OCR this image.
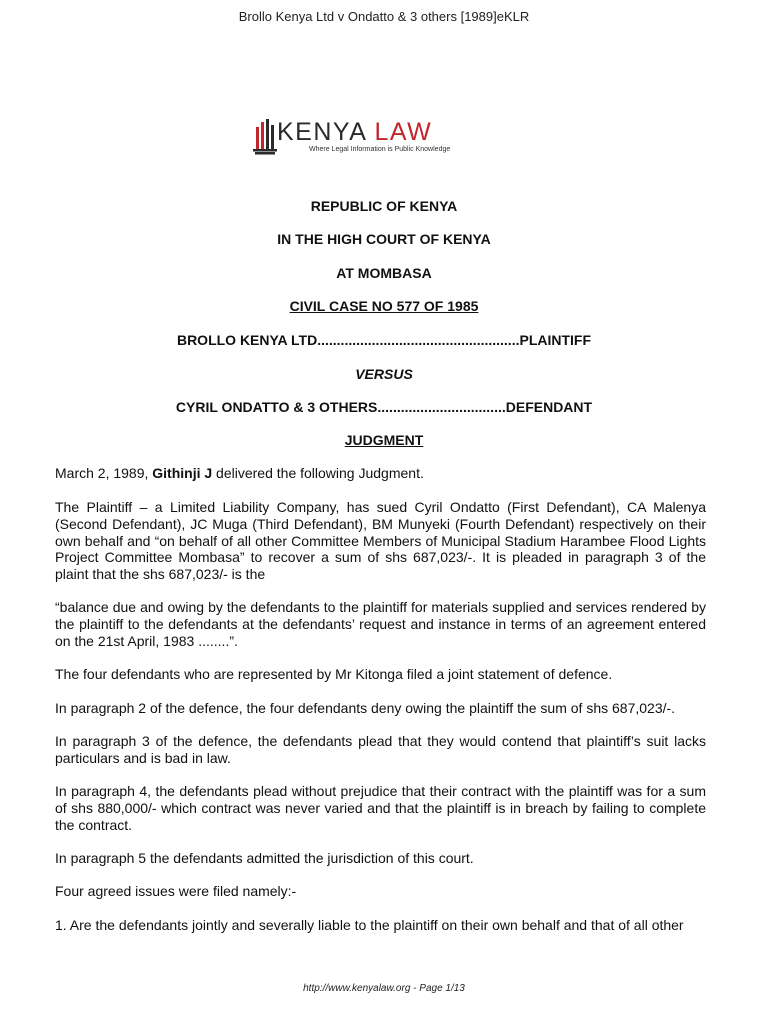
Brollo Kenya Ltd v Ondatto & 3 others [1989]eKLR
KENYA LAW
Where Legal Information is Public Knowledge
REPUBLIC OF KENYA
IN THE HIGH COURT OF KENYA
AT MOMBASA
CIVIL CASE NO 577 OF 1985
BROLLO KENYA LTD....................................................PLAINTIFF
VERSUS
CYRIL ONDATTO & 3 OTHERS.................................DEFENDANT
JUDGMENT

March 2, 1989, Githinji J delivered the following Judgment.

The Plaintiff – a Limited Liability Company, has sued Cyril Ondatto (First Defendant), CA Malenya (Second Defendant), JC Muga (Third Defendant), BM Munyeki (Fourth Defendant) respectively on their own behalf and “on behalf of all other Committee Members of Municipal Stadium Harambee Flood Lights Project Committee Mombasa” to recover a sum of shs 687,023/-. It is pleaded in paragraph 3 of the plaint that the shs 687,023/- is the

“balance due and owing by the defendants to the plaintiff for materials supplied and services rendered by the plaintiff to the defendants at the defendants’ request and instance in terms of an agreement entered on the 21st April, 1983 ........”.

The four defendants who are represented by Mr Kitonga filed a joint statement of defence.

In paragraph 2 of the defence, the four defendants deny owing the plaintiff the sum of shs 687,023/-.

In paragraph 3 of the defence, the defendants plead that they would contend that plaintiff’s suit lacks particulars and is bad in law.

In paragraph 4, the defendants plead without prejudice that their contract with the plaintiff was for a sum of shs 880,000/- which contract was never varied and that the plaintiff is in breach by failing to complete the contract.

In paragraph 5 the defendants admitted the jurisdiction of this court.

Four agreed issues were filed namely:-

1. Are the defendants jointly and severally liable to the plaintiff on their own behalf and that of all other

http://www.kenyalaw.org - Page 1/13
